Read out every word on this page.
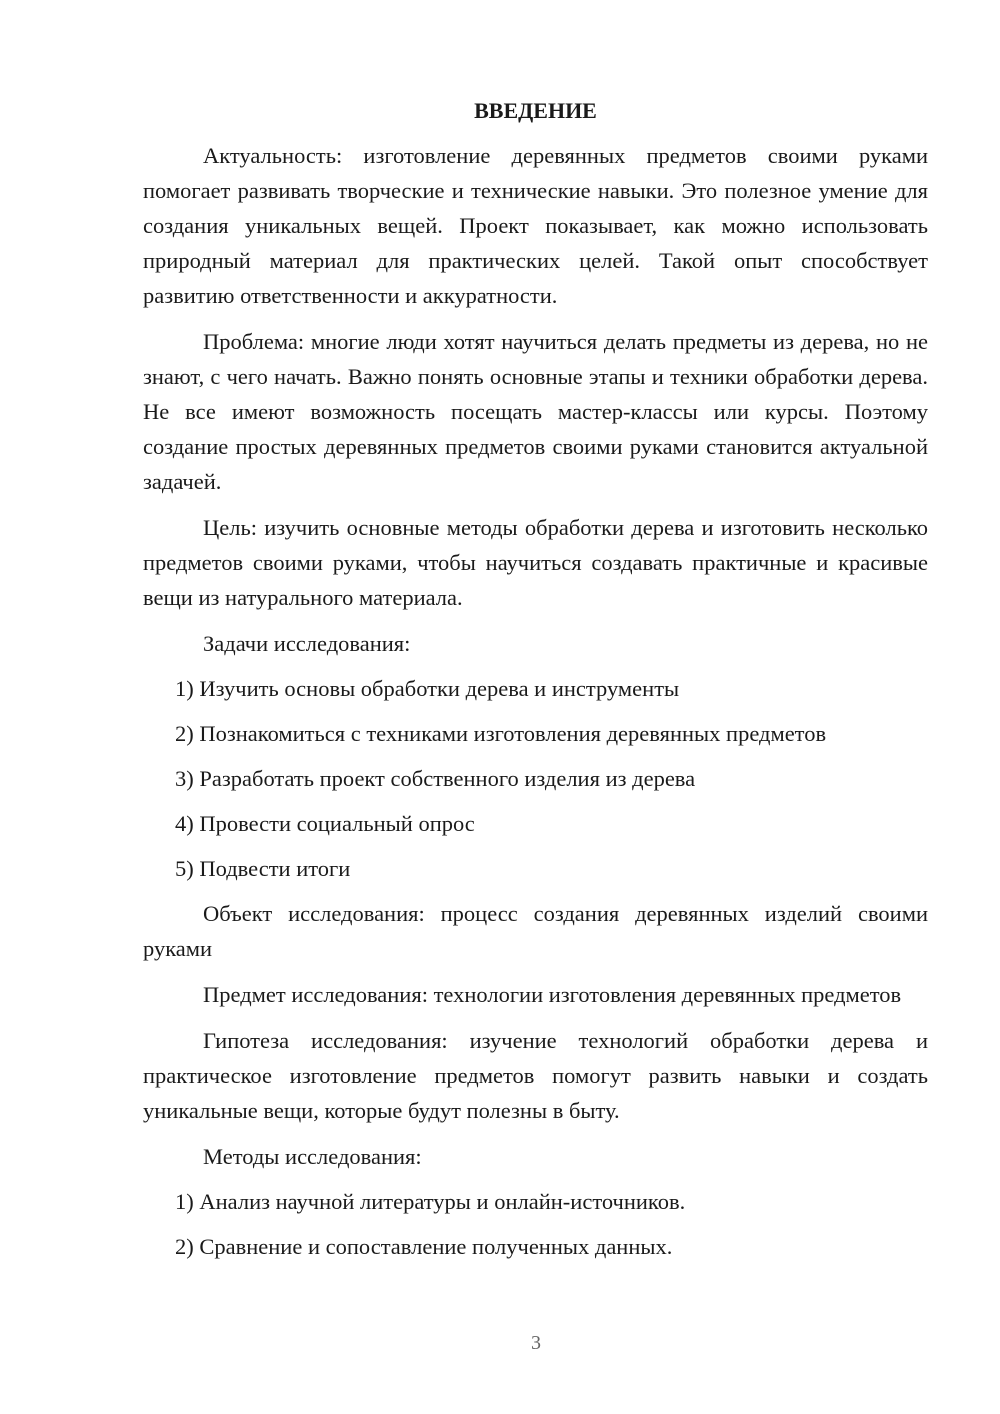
ВВЕДЕНИЕ

Актуальность: изготовление деревянных предметов своими руками помогает развивать творческие и технические навыки. Это полезное умение для создания уникальных вещей. Проект показывает, как можно использовать природный материал для практических целей. Такой опыт способствует развитию ответственности и аккуратности.

Проблема: многие люди хотят научиться делать предметы из дерева, но не знают, с чего начать. Важно понять основные этапы и техники обработки дерева. Не все имеют возможность посещать мастер-классы или курсы. Поэтому создание простых деревянных предметов своими руками становится актуальной задачей.

Цель: изучить основные методы обработки дерева и изготовить несколько предметов своими руками, чтобы научиться создавать практичные и красивые вещи из натурального материала.

Задачи исследования:

1) Изучить основы обработки дерева и инструменты
2) Познакомиться с техниками изготовления деревянных предметов
3) Разработать проект собственного изделия из дерева
4) Провести социальный опрос
5) Подвести итоги

Объект исследования: процесс создания деревянных изделий своими руками

Предмет исследования: технологии изготовления деревянных предметов

Гипотеза исследования: изучение технологий обработки дерева и практическое изготовление предметов помогут развить навыки и создать уникальные вещи, которые будут полезны в быту.

Методы исследования:

1) Анализ научной литературы и онлайн-источников.
2) Сравнение и сопоставление полученных данных.
3
